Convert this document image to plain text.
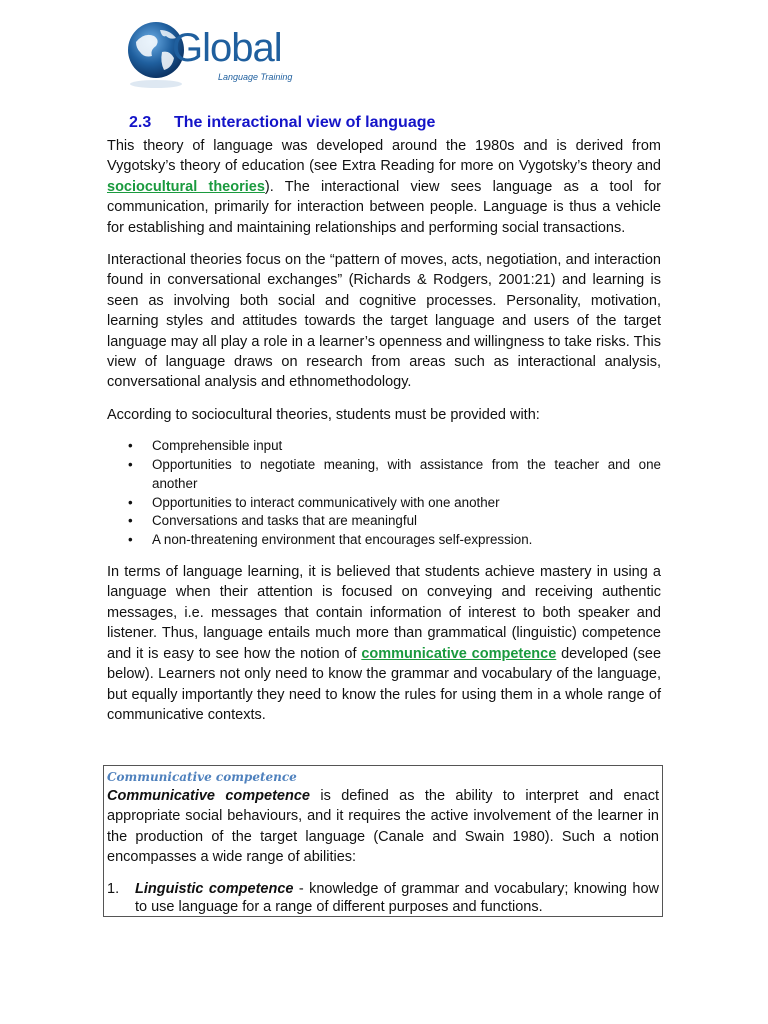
Global
Language Training
2.3 The interactional view of language

This theory of language was developed around the 1980s and is derived from Vygotsky’s theory of education (see Extra Reading for more on Vygotsky’s theory and sociocultural theories). The interactional view sees language as a tool for communication, primarily for interaction between people. Language is thus a vehicle for establishing and maintaining relationships and performing social transactions.

Interactional theories focus on the “pattern of moves, acts, negotiation, and interaction found in conversational exchanges” (Richards & Rodgers, 2001:21) and learning is seen as involving both social and cognitive processes. Personality, motivation, learning styles and attitudes towards the target language and users of the target language may all play a role in a learner’s openness and willingness to take risks. This view of language draws on research from areas such as interactional analysis, conversational analysis and ethnomethodology.

According to sociocultural theories, students must be provided with:

• Comprehensible input
• Opportunities to negotiate meaning, with assistance from the teacher and one another
• Opportunities to interact communicatively with one another
• Conversations and tasks that are meaningful
• A non-threatening environment that encourages self-expression.

In terms of language learning, it is believed that students achieve mastery in using a language when their attention is focused on conveying and receiving authentic messages, i.e. messages that contain information of interest to both speaker and listener. Thus, language entails much more than grammatical (linguistic) competence and it is easy to see how the notion of communicative competence developed (see below). Learners not only need to know the grammar and vocabulary of the language, but equally importantly they need to know the rules for using them in a whole range of communicative contexts.

Communicative competence

Communicative competence is defined as the ability to interpret and enact appropriate social behaviours, and it requires the active involvement of the learner in the production of the target language (Canale and Swain 1980). Such a notion encompasses a wide range of abilities:

1.	Linguistic competence - knowledge of grammar and vocabulary; knowing how to use language for a range of different purposes and functions.
